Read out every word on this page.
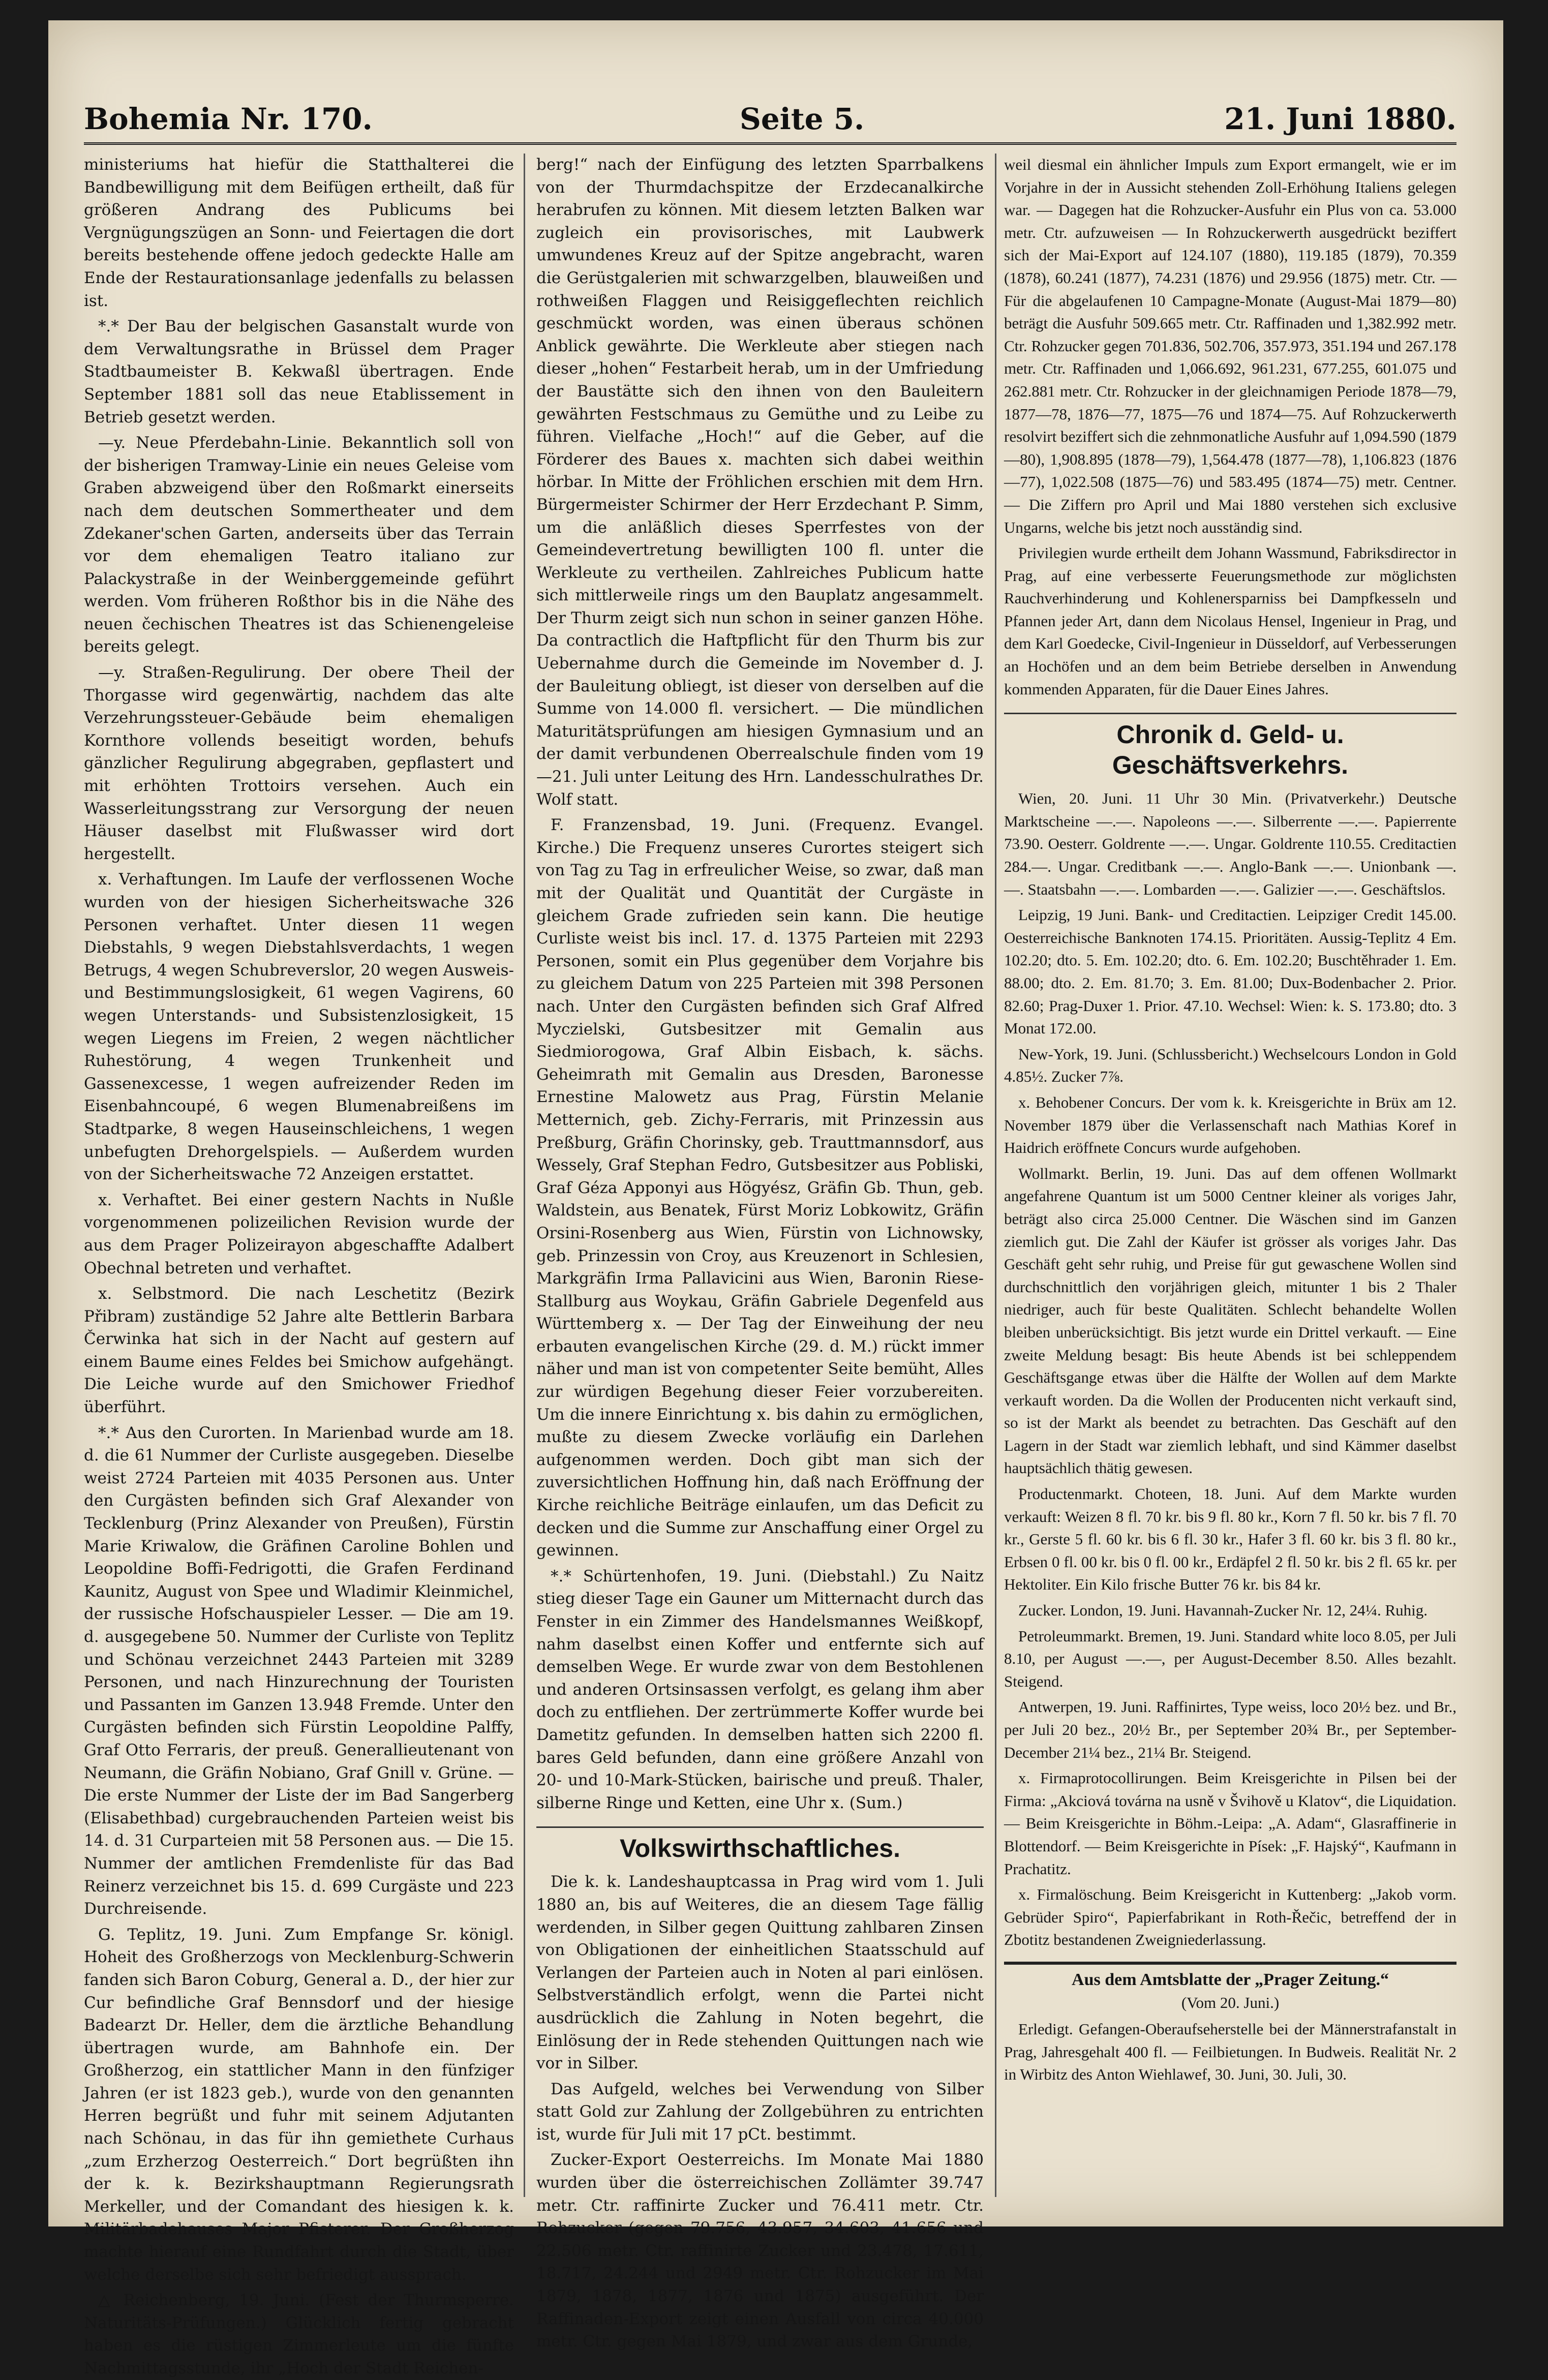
Bohemia Nr. 170.	Seite 5.	21. Juni 1880.

ministeriums hat hiefür die Statthalterei die Bandbewilligung mit dem Beifügen ertheilt, daß für größeren Andrang des Publicums bei Vergnügungszügen an Sonn- und Feiertagen die dort bereits bestehende offene jedoch gedeckte Halle am Ende der Restaurationsanlage jedenfalls zu belassen ist.

*.* Der Bau der belgischen Gasanstalt wurde von dem Verwaltungsrathe in Brüssel dem Prager Stadtbaumeister B. Kekwaßl übertragen. Ende September 1881 soll das neue Etablissement in Betrieb gesetzt werden.

—y. Neue Pferdebahn-Linie. Bekanntlich soll von der bisherigen Tramway-Linie ein neues Geleise vom Graben abzweigend über den Roßmarkt einerseits nach dem deutschen Sommertheater und dem Zdekaner'schen Garten, anderseits über das Terrain vor dem ehemaligen Teatro italiano zur Palackystraße in der Weinberggemeinde geführt werden. Vom früheren Roßthor bis in die Nähe des neuen čechischen Theatres ist das Schienengeleise bereits gelegt.

—y. Straßen-Regulirung. Der obere Theil der Thorgasse wird gegenwärtig, nachdem das alte Verzehrungssteuer-Gebäude beim ehemaligen Kornthore vollends beseitigt worden, behufs gänzlicher Regulirung abgegraben, gepflastert und mit erhöhten Trottoirs versehen. Auch ein Wasserleitungsstrang zur Versorgung der neuen Häuser daselbst mit Flußwasser wird dort hergestellt.

x. Verhaftungen. Im Laufe der verflossenen Woche wurden von der hiesigen Sicherheitswache 326 Personen verhaftet. Unter diesen 11 wegen Diebstahls, 9 wegen Diebstahlsverdachts, 1 wegen Betrugs, 4 wegen Schubreverslor, 20 wegen Ausweis- und Bestimmungslosigkeit, 61 wegen Vagirens, 60 wegen Unterstands- und Subsistenzlosigkeit, 15 wegen Liegens im Freien, 2 wegen nächtlicher Ruhestörung, 4 wegen Trunkenheit und Gassenexcesse, 1 wegen aufreizender Reden im Eisenbahncoupé, 6 wegen Blumenabreißens im Stadtparke, 8 wegen Hauseinschleichens, 1 wegen unbefugten Drehorgelspiels. — Außerdem wurden von der Sicherheitswache 72 Anzeigen erstattet.

x. Verhaftet. Bei einer gestern Nachts in Nußle vorgenommenen polizeilichen Revision wurde der aus dem Prager Polizeirayon abgeschaffte Adalbert Obechnal betreten und verhaftet.

x. Selbstmord. Die nach Leschetitz (Bezirk Přibram) zuständige 52 Jahre alte Bettlerin Barbara Čerwinka hat sich in der Nacht auf gestern auf einem Baume eines Feldes bei Smichow aufgehängt. Die Leiche wurde auf den Smichower Friedhof überführt.

*.* Aus den Curorten. In Marienbad wurde am 18. d. die 61 Nummer der Curliste ausgegeben. Dieselbe weist 2724 Parteien mit 4035 Personen aus. Unter den Curgästen befinden sich Graf Alexander von Tecklenburg (Prinz Alexander von Preußen), Fürstin Marie Kriwalow, die Gräfinen Caroline Bohlen und Leopoldine Boffi-Fedrigotti, die Grafen Ferdinand Kaunitz, August von Spee und Wladimir Kleinmichel, der russische Hofschauspieler Lesser. — Die am 19. d. ausgegebene 50. Nummer der Curliste von Teplitz und Schönau verzeichnet 2443 Parteien mit 3289 Personen, und nach Hinzurechnung der Touristen und Passanten im Ganzen 13.948 Fremde. Unter den Curgästen befinden sich Fürstin Leopoldine Palffy, Graf Otto Ferraris, der preuß. Generallieutenant von Neumann, die Gräfin Nobiano, Graf Gnill v. Grüne. — Die erste Nummer der Liste der im Bad Sangerberg (Elisabethbad) curgebrauchenden Parteien weist bis 14. d. 31 Curparteien mit 58 Personen aus. — Die 15. Nummer der amtlichen Fremdenliste für das Bad Reinerz verzeichnet bis 15. d. 699 Curgäste und 223 Durchreisende.

G. Teplitz, 19. Juni. Zum Empfange Sr. königl. Hoheit des Großherzogs von Mecklenburg-Schwerin fanden sich Baron Coburg, General a. D., der hier zur Cur befindliche Graf Bennsdorf und der hiesige Badearzt Dr. Heller, dem die ärztliche Behandlung übertragen wurde, am Bahnhofe ein. Der Großherzog, ein stattlicher Mann in den fünfziger Jahren (er ist 1823 geb.), wurde von den genannten Herren begrüßt und fuhr mit seinem Adjutanten nach Schönau, in das für ihn gemiethete Curhaus „zum Erzherzog Oesterreich.“ Dort begrüßten ihn der k. k. Bezirkshauptmann Regierungsrath Merkeller, und der Comandant des hiesigen k. k. Militärbadehauses Major Pfisterer. Der Großherzog machte hierauf eine Rundfahrt durch die Stadt, über welche derselbe sich sehr befriedigt aussprach.

△ Reichenberg, 19. Juni. (Fest der Thurmsperre. Naturitäts-Prüfungen.) Glücklich fertig gebracht haben es die rüstigen Zimmerleute um die fünfte Nachmittagsstunde, ihr „Hoch der Stadt Reichen-

berg!“ nach der Einfügung des letzten Sparrbalkens von der Thurmdachspitze der Erzdecanalkirche herabrufen zu können. Mit diesem letzten Balken war zugleich ein provisorisches, mit Laubwerk umwundenes Kreuz auf der Spitze angebracht, waren die Gerüstgalerien mit schwarzgelben, blauweißen und rothweißen Flaggen und Reisiggeflechten reichlich geschmückt worden, was einen überaus schönen Anblick gewährte. Die Werkleute aber stiegen nach dieser „hohen“ Festarbeit herab, um in der Umfriedung der Baustätte sich den ihnen von den Bauleitern gewährten Festschmaus zu Gemüthe und zu Leibe zu führen. Vielfache „Hoch!“ auf die Geber, auf die Förderer des Baues x. machten sich dabei weithin hörbar. In Mitte der Fröhlichen erschien mit dem Hrn. Bürgermeister Schirmer der Herr Erzdechant P. Simm, um die anläßlich dieses Sperrfestes von der Gemeindevertretung bewilligten 100 fl. unter die Werkleute zu vertheilen. Zahlreiches Publicum hatte sich mittlerweile rings um den Bauplatz angesammelt. Der Thurm zeigt sich nun schon in seiner ganzen Höhe. Da contractlich die Haftpflicht für den Thurm bis zur Uebernahme durch die Gemeinde im November d. J. der Bauleitung obliegt, ist dieser von derselben auf die Summe von 14.000 fl. versichert. — Die mündlichen Maturitätsprüfungen am hiesigen Gymnasium und an der damit verbundenen Oberrealschule finden vom 19—21. Juli unter Leitung des Hrn. Landesschulrathes Dr. Wolf statt.

F. Franzensbad, 19. Juni. (Frequenz. Evangel. Kirche.) Die Frequenz unseres Curortes steigert sich von Tag zu Tag in erfreulicher Weise, so zwar, daß man mit der Qualität und Quantität der Curgäste in gleichem Grade zufrieden sein kann. Die heutige Curliste weist bis incl. 17. d. 1375 Parteien mit 2293 Personen, somit ein Plus gegenüber dem Vorjahre bis zu gleichem Datum von 225 Parteien mit 398 Personen nach. Unter den Curgästen befinden sich Graf Alfred Myczielski, Gutsbesitzer mit Gemalin aus Siedmiorogowa, Graf Albin Eisbach, k. sächs. Geheimrath mit Gemalin aus Dresden, Baronesse Ernestine Malowetz aus Prag, Fürstin Melanie Metternich, geb. Zichy-Ferraris, mit Prinzessin aus Preßburg, Gräfin Chorinsky, geb. Trauttmannsdorf, aus Wessely, Graf Stephan Fedro, Gutsbesitzer aus Pobliski, Graf Géza Apponyi aus Högyész, Gräfin Gb. Thun, geb. Waldstein, aus Benatek, Fürst Moriz Lobkowitz, Gräfin Orsini-Rosenberg aus Wien, Fürstin von Lichnowsky, geb. Prinzessin von Croy, aus Kreuzenort in Schlesien, Markgräfin Irma Pallavicini aus Wien, Baronin Riese-Stallburg aus Woykau, Gräfin Gabriele Degenfeld aus Württemberg x. — Der Tag der Einweihung der neu erbauten evangelischen Kirche (29. d. M.) rückt immer näher und man ist von competenter Seite bemüht, Alles zur würdigen Begehung dieser Feier vorzubereiten. Um die innere Einrichtung x. bis dahin zu ermöglichen, mußte zu diesem Zwecke vorläufig ein Darlehen aufgenommen werden. Doch gibt man sich der zuversichtlichen Hoffnung hin, daß nach Eröffnung der Kirche reichliche Beiträge einlaufen, um das Deficit zu decken und die Summe zur Anschaffung einer Orgel zu gewinnen.

*.* Schürtenhofen, 19. Juni. (Diebstahl.) Zu Naitz stieg dieser Tage ein Gauner um Mitternacht durch das Fenster in ein Zimmer des Handelsmannes Weißkopf, nahm daselbst einen Koffer und entfernte sich auf demselben Wege. Er wurde zwar von dem Bestohlenen und anderen Ortsinsassen verfolgt, es gelang ihm aber doch zu entfliehen. Der zertrümmerte Koffer wurde bei Dametitz gefunden. In demselben hatten sich 2200 fl. bares Geld befunden, dann eine größere Anzahl von 20- und 10-Mark-Stücken, bairische und preuß. Thaler, silberne Ringe und Ketten, eine Uhr x. (Sum.)

Volkswirthschaftliches.

Die k. k. Landeshauptcassa in Prag wird vom 1. Juli 1880 an, bis auf Weiteres, die an diesem Tage fällig werdenden, in Silber gegen Quittung zahlbaren Zinsen von Obligationen der einheitlichen Staatsschuld auf Verlangen der Parteien auch in Noten al pari einlösen. Selbstverständlich erfolgt, wenn die Partei nicht ausdrücklich die Zahlung in Noten begehrt, die Einlösung der in Rede stehenden Quittungen nach wie vor in Silber.

Das Aufgeld, welches bei Verwendung von Silber statt Gold zur Zahlung der Zollgebühren zu entrichten ist, wurde für Juli mit 17 pCt. bestimmt.

Zucker-Export Oesterreichs. Im Monate Mai 1880 wurden über die österreichischen Zollämter 39.747 metr. Ctr. raffinirte Zucker und 76.411 metr. Ctr. Rohzucker (gegen 79.756, 43.957, 34.603, 41.656 und 22.506 metr. Ctr. raffinirte Zucker und 23.478, 17.611, 18.717, 24.244 und 2949 metr. Ctr. Rohzucker im Mai 1879, 1878, 1877, 1876 und 1875) ausgeführt. Der Raffinaden-Export zeigt einen Ausfall von circa 40.000 metr. Ctr. gegen Mai 1879, und zwar aus dem Grunde,

weil diesmal ein ähnlicher Impuls zum Export ermangelt, wie er im Vorjahre in der in Aussicht stehenden Zoll-Erhöhung Italiens gelegen war. — Dagegen hat die Rohzucker-Ausfuhr ein Plus von ca. 53.000 metr. Ctr. aufzuweisen — In Rohzuckerwerth ausgedrückt beziffert sich der Mai-Export auf 124.107 (1880), 119.185 (1879), 70.359 (1878), 60.241 (1877), 74.231 (1876) und 29.956 (1875) metr. Ctr. — Für die abgelaufenen 10 Campagne-Monate (August-Mai 1879—80) beträgt die Ausfuhr 509.665 metr. Ctr. Raffinaden und 1,382.992 metr. Ctr. Rohzucker gegen 701.836, 502.706, 357.973, 351.194 und 267.178 metr. Ctr. Raffinaden und 1,066.692, 961.231, 677.255, 601.075 und 262.881 metr. Ctr. Rohzucker in der gleichnamigen Periode 1878—79, 1877—78, 1876—77, 1875—76 und 1874—75. Auf Rohzuckerwerth resolvirt beziffert sich die zehnmonatliche Ausfuhr auf 1,094.590 (1879—80), 1,908.895 (1878—79), 1,564.478 (1877—78), 1,106.823 (1876—77), 1,022.508 (1875—76) und 583.495 (1874—75) metr. Centner. — Die Ziffern pro April und Mai 1880 verstehen sich exclusive Ungarns, welche bis jetzt noch ausständig sind.

Privilegien wurde ertheilt dem Johann Wassmund, Fabriksdirector in Prag, auf eine verbesserte Feuerungsmethode zur möglichsten Rauchverhinderung und Kohlenersparniss bei Dampfkesseln und Pfannen jeder Art, dann dem Nicolaus Hensel, Ingenieur in Prag, und dem Karl Goedecke, Civil-Ingenieur in Düsseldorf, auf Verbesserungen an Hochöfen und an dem beim Betriebe derselben in Anwendung kommenden Apparaten, für die Dauer Eines Jahres.

Chronik d. Geld- u. Geschäftsverkehrs.

Wien, 20. Juni. 11 Uhr 30 Min. (Privatverkehr.) Deutsche Marktscheine —.—. Napoleons —.—. Silberrente —.—. Papierrente 73.90. Oesterr. Goldrente —.—. Ungar. Goldrente 110.55. Creditactien 284.—. Ungar. Creditbank —.—. Anglo-Bank —.—. Unionbank —.—. Staatsbahn —.—. Lombarden —.—. Galizier —.—. Geschäftslos.

Leipzig, 19 Juni. Bank- und Creditactien. Leipziger Credit 145.00. Oesterreichische Banknoten 174.15. Prioritäten. Aussig-Teplitz 4 Em. 102.20; dto. 5. Em. 102.20; dto. 6. Em. 102.20; Buschtěhrader 1. Em. 88.00; dto. 2. Em. 81.70; 3. Em. 81.00; Dux-Bodenbacher 2. Prior. 82.60; Prag-Duxer 1. Prior. 47.10. Wechsel: Wien: k. S. 173.80; dto. 3 Monat 172.00.

New-York, 19. Juni. (Schlussbericht.) Wechselcours London in Gold 4.85½. Zucker 7⅞.

x. Behobener Concurs. Der vom k. k. Kreisgerichte in Brüx am 12. November 1879 über die Verlassenschaft nach Mathias Koref in Haidrich eröffnete Concurs wurde aufgehoben.

Wollmarkt. Berlin, 19. Juni. Das auf dem offenen Wollmarkt angefahrene Quantum ist um 5000 Centner kleiner als voriges Jahr, beträgt also circa 25.000 Centner. Die Wäschen sind im Ganzen ziemlich gut. Die Zahl der Käufer ist grösser als voriges Jahr. Das Geschäft geht sehr ruhig, und Preise für gut gewaschene Wollen sind durchschnittlich den vorjährigen gleich, mitunter 1 bis 2 Thaler niedriger, auch für beste Qualitäten. Schlecht behandelte Wollen bleiben unberücksichtigt. Bis jetzt wurde ein Drittel verkauft. — Eine zweite Meldung besagt: Bis heute Abends ist bei schleppendem Geschäftsgange etwas über die Hälfte der Wollen auf dem Markte verkauft worden. Da die Wollen der Producenten nicht verkauft sind, so ist der Markt als beendet zu betrachten. Das Geschäft auf den Lagern in der Stadt war ziemlich lebhaft, und sind Kämmer daselbst hauptsächlich thätig gewesen.

Productenmarkt. Choteen, 18. Juni. Auf dem Markte wurden verkauft: Weizen 8 fl. 70 kr. bis 9 fl. 80 kr., Korn 7 fl. 50 kr. bis 7 fl. 70 kr., Gerste 5 fl. 60 kr. bis 6 fl. 30 kr., Hafer 3 fl. 60 kr. bis 3 fl. 80 kr., Erbsen 0 fl. 00 kr. bis 0 fl. 00 kr., Erdäpfel 2 fl. 50 kr. bis 2 fl. 65 kr. per Hektoliter. Ein Kilo frische Butter 76 kr. bis 84 kr.

Zucker. London, 19. Juni. Havannah-Zucker Nr. 12, 24¼. Ruhig.

Petroleummarkt. Bremen, 19. Juni. Standard white loco 8.05, per Juli 8.10, per August —.—, per August-December 8.50. Alles bezahlt. Steigend.

Antwerpen, 19. Juni. Raffinirtes, Type weiss, loco 20½ bez. und Br., per Juli 20 bez., 20½ Br., per September 20¾ Br., per September-December 21¼ bez., 21¼ Br. Steigend.

x. Firmaprotocollirungen. Beim Kreisgerichte in Pilsen bei der Firma: „Akciová továrna na usně v Švihově u Klatov“, die Liquidation. — Beim Kreisgerichte in Böhm.-Leipa: „A. Adam“, Glasraffinerie in Blottendorf. — Beim Kreisgerichte in Písek: „F. Hajský“, Kaufmann in Prachatitz.

x. Firmalöschung. Beim Kreisgericht in Kuttenberg: „Jakob vorm. Gebrüder Spiro“, Papierfabrikant in Roth-Řečic, betreffend der in Zbotitz bestandenen Zweigniederlassung.

Aus dem Amtsblatte der „Prager Zeitung.“
(Vom 20. Juni.)

Erledigt. Gefangen-Oberaufseherstelle bei der Männerstrafanstalt in Prag, Jahresgehalt 400 fl. — Feilbietungen. In Budweis. Realität Nr. 2 in Wirbitz des Anton Wiehlawef, 30. Juni, 30. Juli, 30.
